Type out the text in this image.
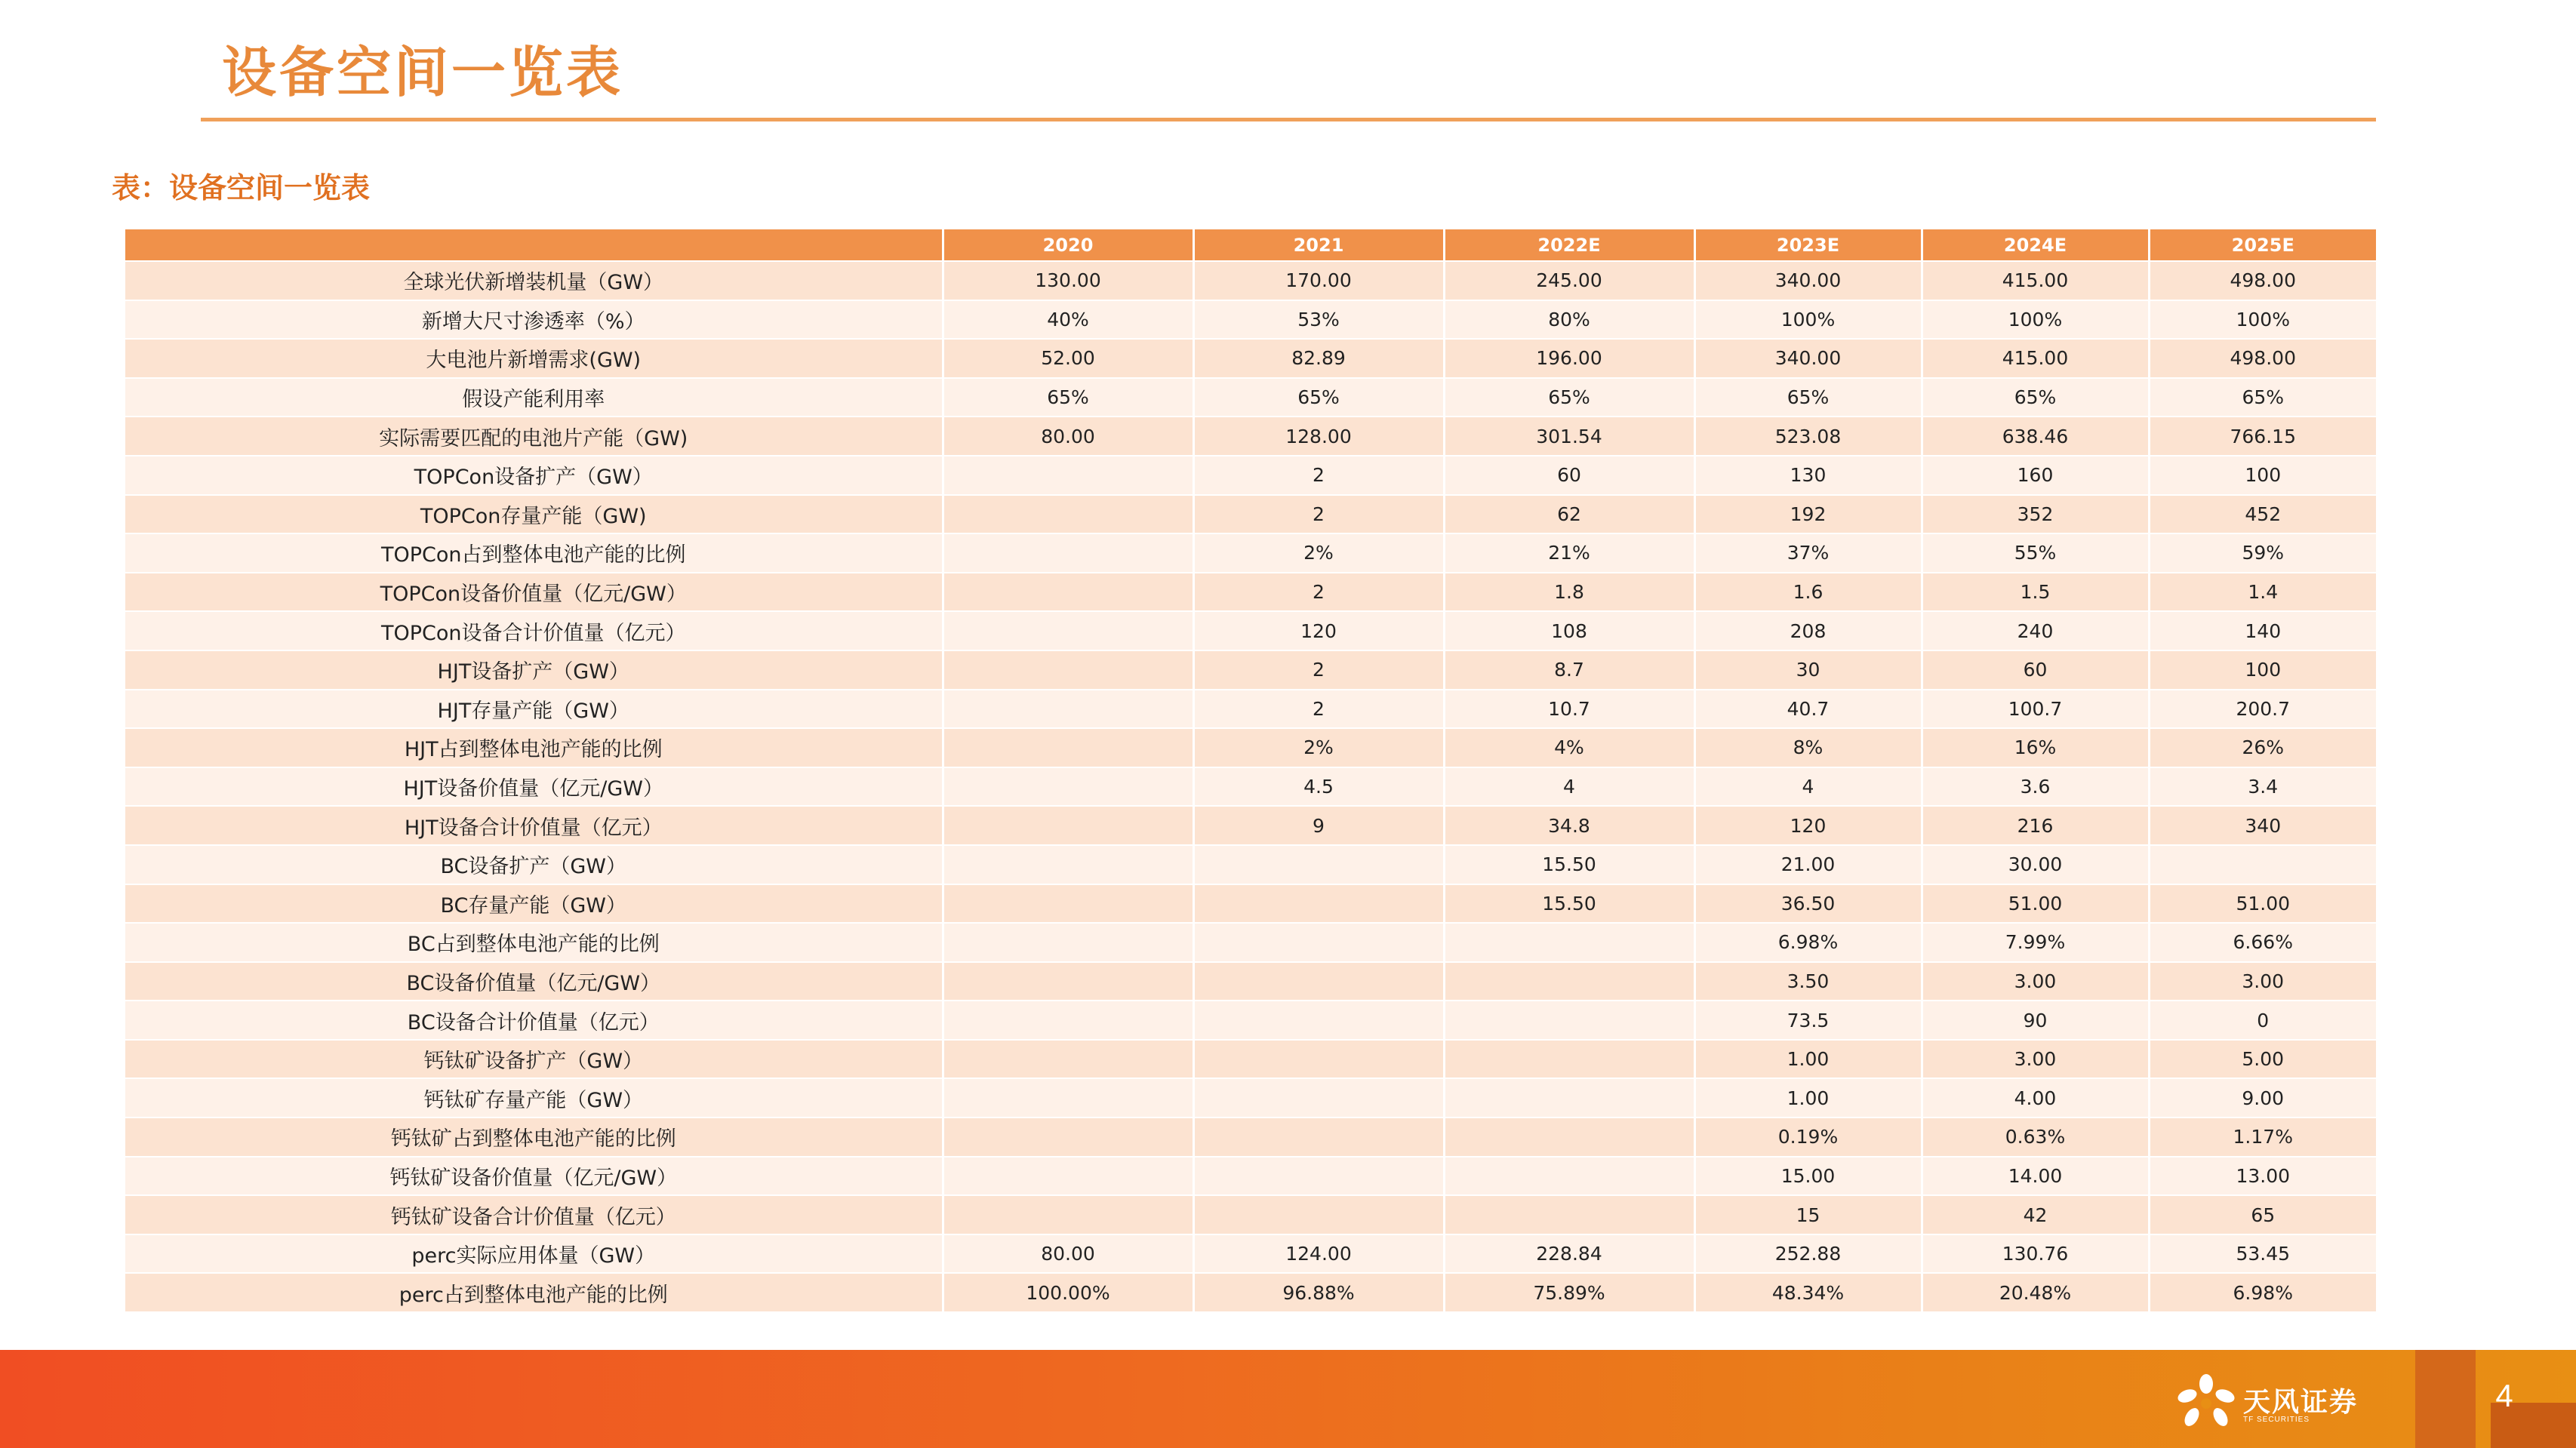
设备空间一览表
表：设备空间一览表
	2020	2021	2022E	2023E	2024E	2025E
全球光伏新增装机量（GW）	130.00	170.00	245.00	340.00	415.00	498.00
新增大尺寸渗透率（%）	40%	53%	80%	100%	100%	100%
大电池片新增需求(GW)	52.00	82.89	196.00	340.00	415.00	498.00
假设产能利用率	65%	65%	65%	65%	65%	65%
实际需要匹配的电池片产能（GW)	80.00	128.00	301.54	523.08	638.46	766.15
TOPCon设备扩产（GW）		2	60	130	160	100
TOPCon存量产能（GW)		2	62	192	352	452
TOPCon占到整体电池产能的比例		2%	21%	37%	55%	59%
TOPCon设备价值量（亿元/GW）		2	1.8	1.6	1.5	1.4
TOPCon设备合计价值量（亿元）		120	108	208	240	140
HJT设备扩产（GW）		2	8.7	30	60	100
HJT存量产能（GW）		2	10.7	40.7	100.7	200.7
HJT占到整体电池产能的比例		2%	4%	8%	16%	26%
HJT设备价值量（亿元/GW）		4.5	4	4	3.6	3.4
HJT设备合计价值量（亿元）		9	34.8	120	216	340
BC设备扩产（GW）			15.50	21.00	30.00	
BC存量产能（GW）			15.50	36.50	51.00	51.00
BC占到整体电池产能的比例				6.98%	7.99%	6.66%
BC设备价值量（亿元/GW）				3.50	3.00	3.00
BC设备合计价值量（亿元）				73.5	90	0
钙钛矿设备扩产（GW）				1.00	3.00	5.00
钙钛矿存量产能（GW）				1.00	4.00	9.00
钙钛矿占到整体电池产能的比例				0.19%	0.63%	1.17%
钙钛矿设备价值量（亿元/GW）				15.00	14.00	13.00
钙钛矿设备合计价值量（亿元）				15	42	65
perc实际应用体量（GW）	80.00	124.00	228.84	252.88	130.76	53.45
perc占到整体电池产能的比例	100.00%	96.88%	75.89%	48.34%	20.48%	6.98%
天风证券
TF SECURITIES
4
